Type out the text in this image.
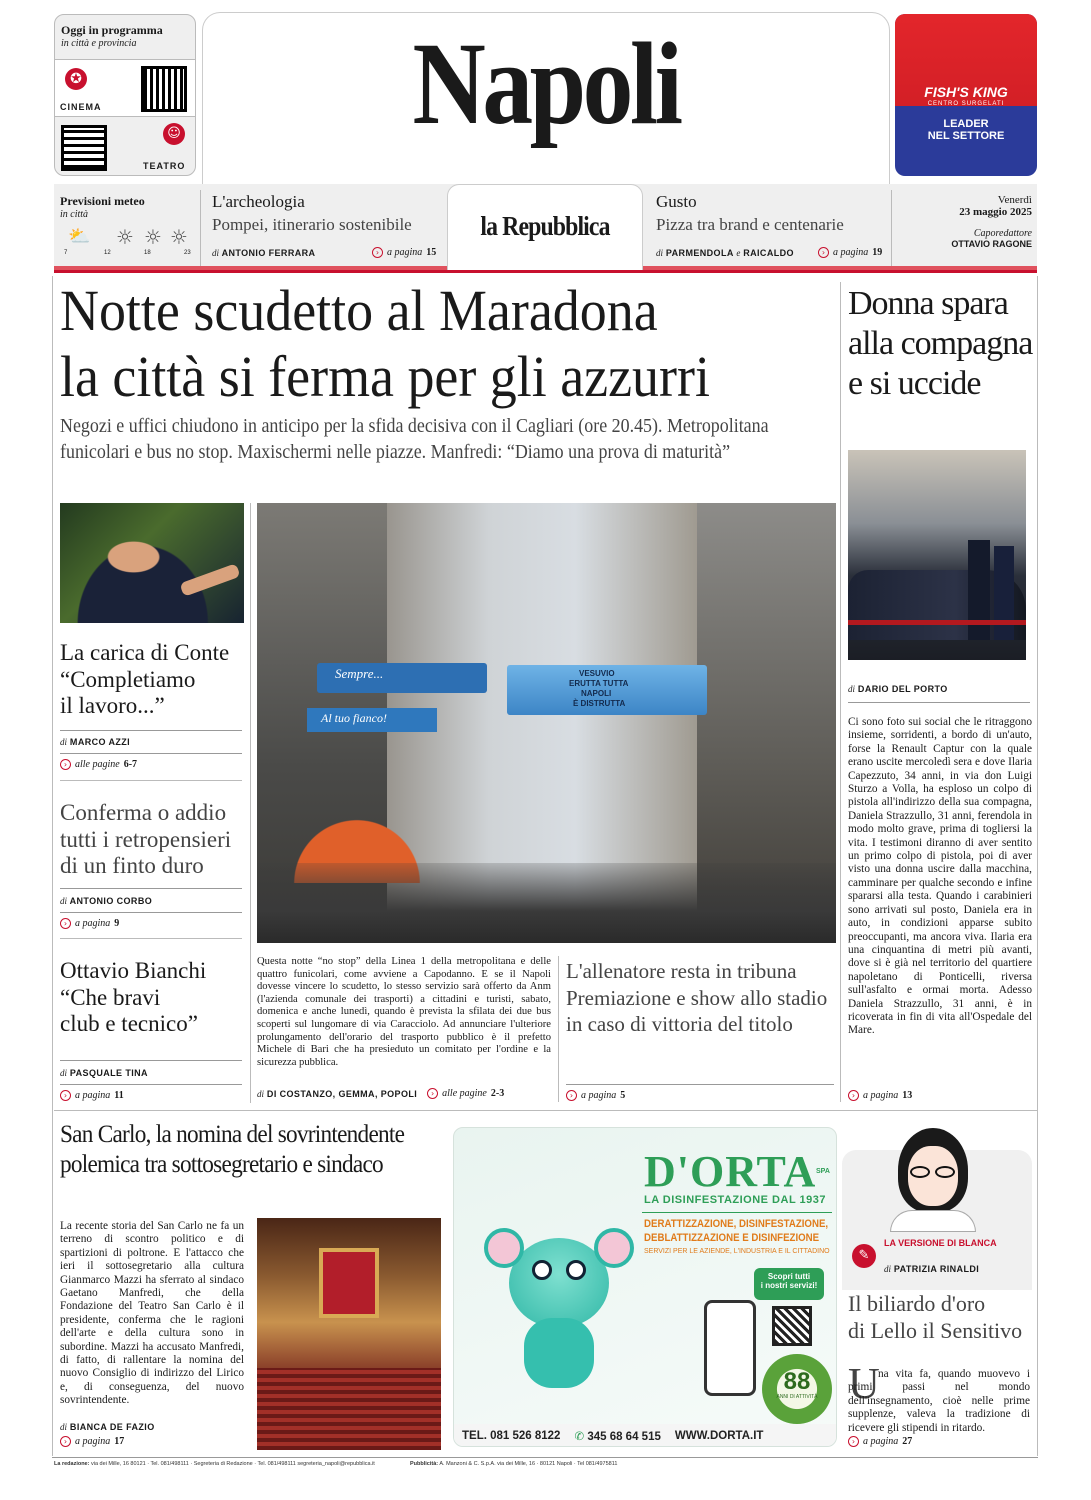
Oggi in programma
in città e provincia
✪
CINEMA
☺
TEATRO
Napoli	FISH'S KING
CENTRO SURGELATI
LEADER
NEL SETTORE
Previsioni meteo
in città
⛅ ☼ ☼ ☼
7	12	18	23
L'archeologia
Pompei, itinerario sostenibile
di ANTONIO FERRARA	› a pagina 15
la Repubblica
Gusto
Pizza tra brand e centenarie
di PARMENDOLA e RAICALDO	› a pagina 19
Venerdì
23 maggio 2025
Caporedattore
OTTAVIO RAGONE
Notte scudetto al Maradona
la città si ferma per gli azzurri
Negozi e uffici chiudono in anticipo per la sfida decisiva con il Cagliari (ore 20.45). Metropolitana
funicolari e bus no stop. Maxischermi nelle piazze. Manfredi: “Diamo una prova di maturità”
Donna spara
alla compagna
e si uccide
di DARIO DEL PORTO
Ci sono foto sui social che le ritraggono insieme, sorridenti, a bordo di un'auto, forse la Renault Captur con la quale erano uscite mercoledì sera e dove Ilaria Capezzuto, 34 anni, in via don Luigi Sturzo a Volla, ha esploso un colpo di pistola all'indirizzo della sua compagna, Daniela Strazzullo, 31 anni, ferendola in modo molto grave, prima di togliersi la vita. I testimoni diranno di aver sentito un primo colpo di pistola, poi di aver visto una donna uscire dalla macchina, camminare per qualche secondo e infine spararsi alla testa. Quando i carabinieri sono arrivati sul posto, Daniela era in auto, in condizioni apparse subito preoccupanti, ma ancora viva. Ilaria era una cinquantina di metri più avanti, dove si è già nel territorio del quartiere napoletano di Ponticelli, riversa sull'asfalto e ormai morta. Adesso Daniela Strazzullo, 31 anni, è in ricoverata in fin di vita all'Ospedale del Mare.
› a pagina 13
La carica di Conte
“Completiamo
il lavoro...”
di MARCO AZZI
› alle pagine 6-7
Conferma o addio
tutti i retropensieri
di un finto duro
di ANTONIO CORBO
› a pagina 9
Ottavio Bianchi
“Che bravi
club e tecnico”
di PASQUALE TINA
› a pagina 11
Sempre...	VESUVIO
ERUTTA TUTTA
NAPOLI
È DISTRUTTA
Al tuo fianco!
Questa notte “no stop” della Linea 1 della metropolitana e delle quattro funicolari, come avviene a Capodanno. E se il Napoli dovesse vincere lo scudetto, lo stesso servizio sarà offerto da Anm (l'azienda comunale dei trasporti) a cittadini e turisti, sabato, domenica e anche lunedì, quando è prevista la sfilata dei due bus scoperti sul lungomare di via Caracciolo. Ad annunciare l'ulteriore prolungamento dell'orario del trasporto pubblico è il prefetto Michele di Bari che ha presieduto un comitato per l'ordine e la sicurezza pubblica.
di DI COSTANZO, GEMMA, POPOLI	› alle pagine 2-3
L'allenatore resta in tribuna
Premiazione e show allo stadio
in caso di vittoria del titolo
› a pagina 5
San Carlo, la nomina del sovrintendente
polemica tra sottosegretario e sindaco
La recente storia del San Carlo ne fa un terreno di scontro politico e di spartizioni di poltrone. E l'attacco che ieri il sottosegretario alla cultura Gianmarco Mazzi ha sferrato al sindaco Gaetano Manfredi, che della Fondazione del Teatro San Carlo è il presidente, conferma che le ragioni dell'arte e della cultura sono in subordine. Mazzi ha accusato Manfredi, di fatto, di rallentare la nomina del nuovo Consiglio di indirizzo del Lirico e, di conseguenza, del nuovo sovrintendente.
di BIANCA DE FAZIO
› a pagina 17
D'ORTA SPA
LA DISINFESTAZIONE DAL 1937
DERATTIZZAZIONE, DISINFESTAZIONE,
DEBLATTIZZAZIONE E DISINFEZIONE
SERVIZI PER LE AZIENDE, L'INDUSTRIA E IL CITTADINO
Scopri tutti
i nostri servizi!
88
ANNI DI ATTIVITÀ
TEL. 081 526 8122 ✆ 345 68 64 515 WWW.DORTA.IT
✎
LA VERSIONE DI BLANCA
di PATRIZIA RINALDI
Il biliardo d'oro
di Lello il Sensitivo
U
na vita fa, quando muovevo i primi passi nel mondo dell'insegnamento, cioè nelle prime supplenze, valeva la tradizione di ricevere gli stipendi in ritardo.
› a pagina 27
La redazione: via dei Mille, 16 80121 · Tel. 081/498111 · Segreteria di Redazione · Tel. 081/498111 segreteria_napoli@repubblica.it	Pubblicità: A. Manzoni & C. S.p.A. via dei Mille, 16 · 80121 Napoli · Tel 081/4975811
